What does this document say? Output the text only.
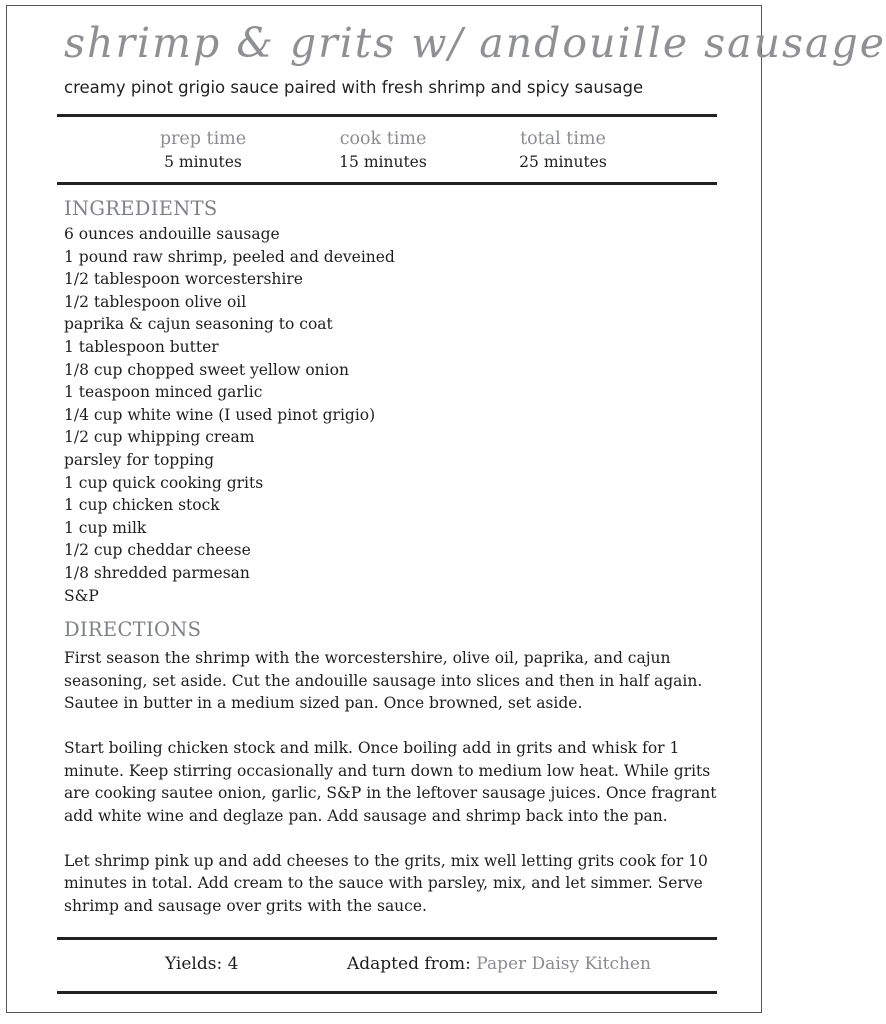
shrimp & grits w/ andouille sausage
creamy pinot grigio sauce paired with fresh shrimp and spicy sausage
prep time
5 minutes
cook time
15 minutes
total time
25 minutes
INGREDIENTS
6 ounces andouille sausage
1 pound raw shrimp, peeled and deveined
1/2 tablespoon worcestershire
1/2 tablespoon olive oil
paprika & cajun seasoning to coat
1 tablespoon butter
1/8 cup chopped sweet yellow onion
1 teaspoon minced garlic
1/4 cup white wine (I used pinot grigio)
1/2 cup whipping cream
parsley for topping
1 cup quick cooking grits
1 cup chicken stock
1 cup milk
1/2 cup cheddar cheese
1/8 shredded parmesan
S&P
DIRECTIONS

First season the shrimp with the worcestershire, olive oil, paprika, and cajun
seasoning, set aside. Cut the andouille sausage into slices and then in half again.
Sautee in butter in a medium sized pan. Once browned, set aside.

Start boiling chicken stock and milk. Once boiling add in grits and whisk for 1
minute. Keep stirring occasionally and turn down to medium low heat. While grits
are cooking sautee onion, garlic, S&P in the leftover sausage juices. Once fragrant
add white wine and deglaze pan. Add sausage and shrimp back into the pan.

Let shrimp pink up and add cheeses to the grits, mix well letting grits cook for 10
minutes in total. Add cream to the sauce with parsley, mix, and let simmer. Serve
shrimp and sausage over grits with the sauce.

Yields: 4	Adapted from: Paper Daisy Kitchen
